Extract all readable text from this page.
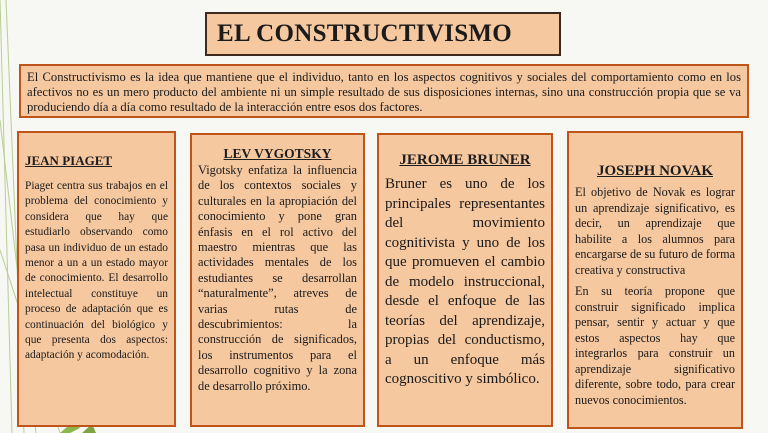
EL CONSTRUCTIVISMO
El Constructivismo es la idea que mantiene que el individuo, tanto en los aspectos cognitivos y sociales del comportamiento como en los afectivos no es un mero producto del ambiente ni un simple resultado de sus disposiciones internas, sino una construcción propia que se va produciendo día a día como resultado de la interacción entre esos dos factores.
JEAN PIAGET

Piaget centra sus trabajos en el problema del conocimiento y considera que hay que estudiarlo observando como pasa un individuo de un estado menor a un a un estado mayor de conocimiento. El desarrollo intelectual constituye un proceso de adaptación que es continuación del biológico y que presenta dos aspectos: adaptación y acomodación.

LEV VYGOTSKY

Vigotsky enfatiza la influencia de los contextos sociales y culturales en la apropiación del conocimiento y pone gran énfasis en el rol activo del maestro mientras que las actividades mentales de los estudiantes se desarrollan “naturalmente”, atreves de varias rutas de descubrimientos: la construcción de significados, los instrumentos para el desarrollo cognitivo y la zona de desarrollo próximo.

JEROME BRUNER

Bruner es uno de los principales representantes del movimiento cognitivista y uno de los que promueven el cambio de modelo instruccional, desde el enfoque de las teorías del aprendizaje, propias del conductismo, a un enfoque más cognoscitivo y simbólico.

JOSEPH NOVAK

El objetivo de Novak es lograr un aprendizaje significativo, es decir, un aprendizaje que habilite a los alumnos para encargarse de su futuro de forma creativa y constructiva

En su teoría propone que construir significado implica pensar, sentir y actuar y que estos aspectos hay que integrarlos para construir un aprendizaje significativo diferente, sobre todo, para crear nuevos conocimientos.
